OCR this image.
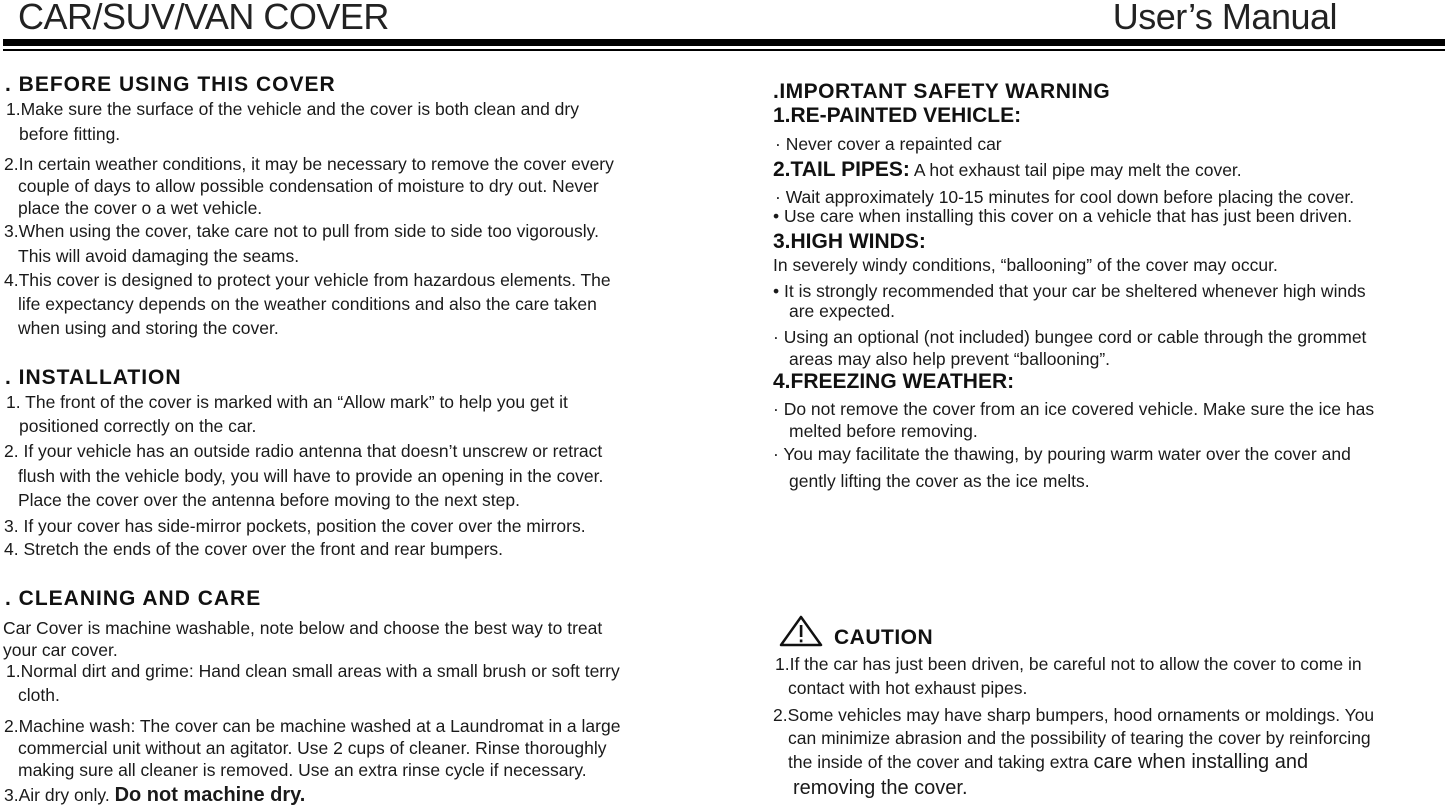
CAR/SUV/VAN COVER	User’s Manual
. BEFORE USING THIS COVER
1.Make sure the surface of the vehicle and the cover is both clean and dry
before fitting.
2.In certain weather conditions, it may be necessary to remove the cover every
couple of days to allow possible condensation of moisture to dry out. Never
place the cover o a wet vehicle.
3.When using the cover, take care not to pull from side to side too vigorously.
This will avoid damaging the seams.
4.This cover is designed to protect your vehicle from hazardous elements. The
life expectancy depends on the weather conditions and also the care taken
when using and storing the cover.
. INSTALLATION
1. The front of the cover is marked with an “Allow mark” to help you get it
positioned correctly on the car.
2. If your vehicle has an outside radio antenna that doesn’t unscrew or retract
flush with the vehicle body, you will have to provide an opening in the cover.
Place the cover over the antenna before moving to the next step.
3. If your cover has side-mirror pockets, position the cover over the mirrors.
4. Stretch the ends of the cover over the front and rear bumpers.
. CLEANING AND CARE
Car Cover is machine washable, note below and choose the best way to treat
your car cover.
1.Normal dirt and grime: Hand clean small areas with a small brush or soft terry
cloth.
2.Machine wash: The cover can be machine washed at a Laundromat in a large
commercial unit without an agitator. Use 2 cups of cleaner. Rinse thoroughly
making sure all cleaner is removed. Use an extra rinse cycle if necessary.
3.Air dry only. Do not machine dry.
.IMPORTANT SAFETY WARNING
1.RE-PAINTED VEHICLE:
· Never cover a repainted car
2.TAIL PIPES: A hot exhaust tail pipe may melt the cover.
· Wait approximately 10-15 minutes for cool down before placing the cover.
• Use care when installing this cover on a vehicle that has just been driven.
3.HIGH WINDS:
In severely windy conditions, “ballooning” of the cover may occur.
• It is strongly recommended that your car be sheltered whenever high winds
are expected.
· Using an optional (not included) bungee cord or cable through the grommet
areas may also help prevent “ballooning”.
4.FREEZING WEATHER:
· Do not remove the cover from an ice covered vehicle. Make sure the ice has
melted before removing.
· You may facilitate the thawing, by pouring warm water over the cover and
gently lifting the cover as the ice melts.
CAUTION
1.If the car has just been driven, be careful not to allow the cover to come in
contact with hot exhaust pipes.
2.Some vehicles may have sharp bumpers, hood ornaments or moldings. You
can minimize abrasion and the possibility of tearing the cover by reinforcing
the inside of the cover and taking extra care when installing and
removing the cover.
